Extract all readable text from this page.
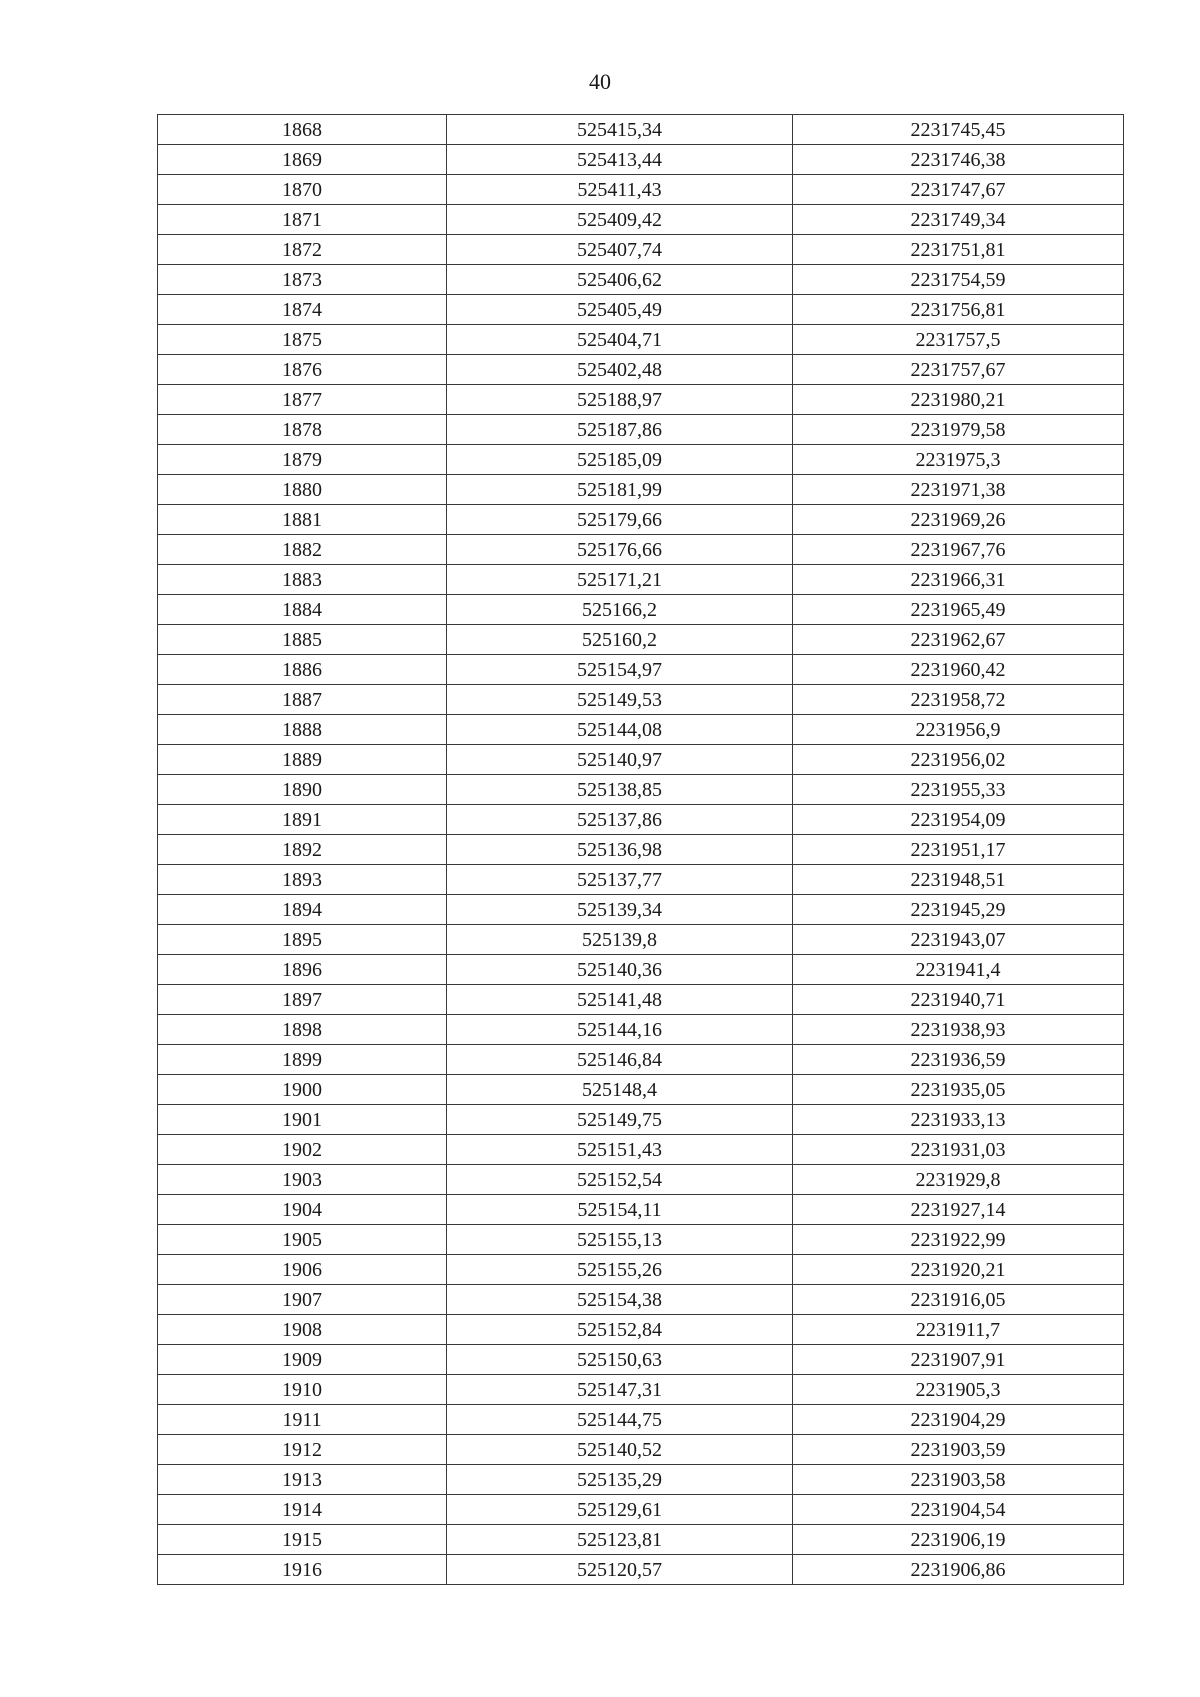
40
1868	525415,34	2231745,45
1869	525413,44	2231746,38
1870	525411,43	2231747,67
1871	525409,42	2231749,34
1872	525407,74	2231751,81
1873	525406,62	2231754,59
1874	525405,49	2231756,81
1875	525404,71	2231757,5
1876	525402,48	2231757,67
1877	525188,97	2231980,21
1878	525187,86	2231979,58
1879	525185,09	2231975,3
1880	525181,99	2231971,38
1881	525179,66	2231969,26
1882	525176,66	2231967,76
1883	525171,21	2231966,31
1884	525166,2	2231965,49
1885	525160,2	2231962,67
1886	525154,97	2231960,42
1887	525149,53	2231958,72
1888	525144,08	2231956,9
1889	525140,97	2231956,02
1890	525138,85	2231955,33
1891	525137,86	2231954,09
1892	525136,98	2231951,17
1893	525137,77	2231948,51
1894	525139,34	2231945,29
1895	525139,8	2231943,07
1896	525140,36	2231941,4
1897	525141,48	2231940,71
1898	525144,16	2231938,93
1899	525146,84	2231936,59
1900	525148,4	2231935,05
1901	525149,75	2231933,13
1902	525151,43	2231931,03
1903	525152,54	2231929,8
1904	525154,11	2231927,14
1905	525155,13	2231922,99
1906	525155,26	2231920,21
1907	525154,38	2231916,05
1908	525152,84	2231911,7
1909	525150,63	2231907,91
1910	525147,31	2231905,3
1911	525144,75	2231904,29
1912	525140,52	2231903,59
1913	525135,29	2231903,58
1914	525129,61	2231904,54
1915	525123,81	2231906,19
1916	525120,57	2231906,86
